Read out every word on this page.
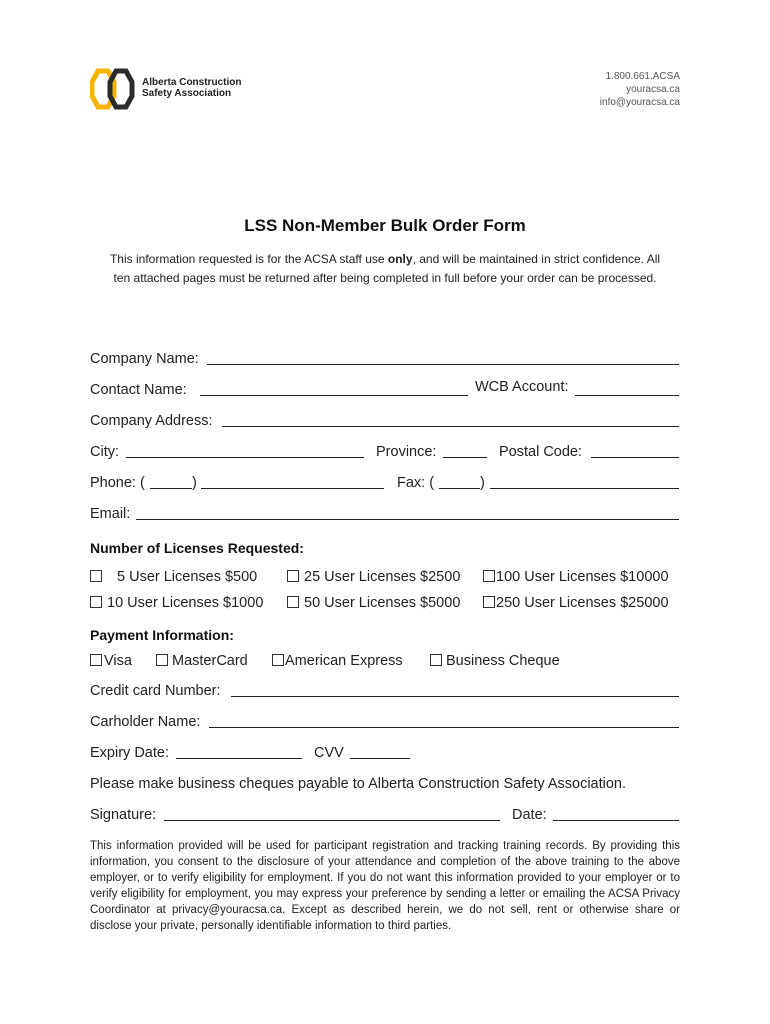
Alberta Construction
Safety Association
1.800.661.ACSA
youracsa.ca
info@youracsa.ca
LSS Non-Member Bulk Order Form
This information requested is for the ACSA staff use only, and will be maintained in strict confidence. All ten attached pages must be returned after being completed in full before your order can be processed.
Company Name:
Contact Name:	WCB Account:
Company Address:
City:	Province:	Postal Code:
Phone: (	)	Fax: (	)
Email:
Number of Licenses Requested:
5 User Licenses $500	25 User Licenses $2500	100 User Licenses $10000
10 User Licenses $1000	50 User Licenses $5000	250 User Licenses $25000
Payment Information:
Visa	MasterCard	American Express	Business Cheque
Credit card Number:
Carholder Name:
Expiry Date:	CVV
Please make business cheques payable to Alberta Construction Safety Association.
Signature:	Date:
This information provided will be used for participant registration and tracking training records. By providing this information, you consent to the disclosure of your attendance and completion of the above training to the above employer, or to verify eligibility for employment. If you do not want this information provided to your employer or to verify eligibility for employment, you may express your preference by sending a letter or emailing the ACSA Privacy Coordinator at privacy@youracsa.ca. Except as described herein, we do not sell, rent or otherwise share or disclose your private, personally identifiable information to third parties.
